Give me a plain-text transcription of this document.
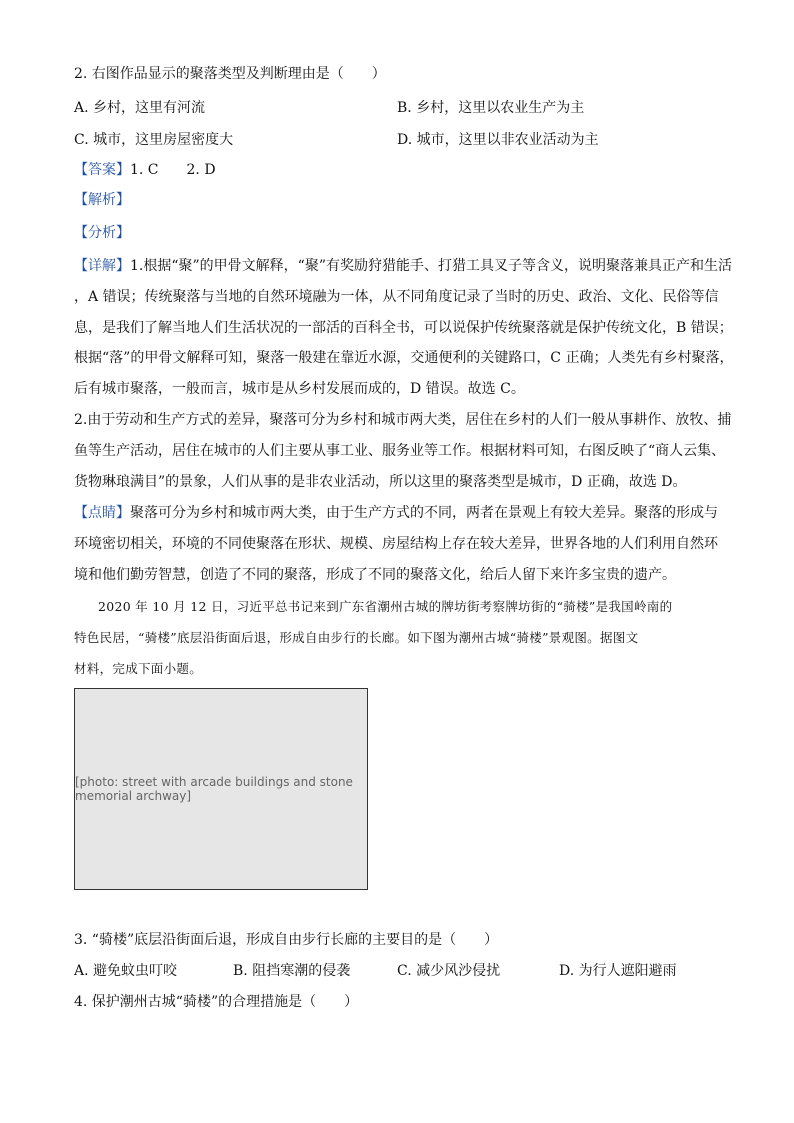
2. 右图作品显示的聚落类型及判断理由是（　　）
A. 乡村，这里有河流	B. 乡村，这里以农业生产为主
C. 城市，这里房屋密度大	D. 城市，这里以非农业活动为主
【答案】1. C　　2. D
【解析】
【分析】
【详解】1.根据“聚”的甲骨文解释，“聚”有奖励狩猎能手、打猎工具叉子等含义，说明聚落兼具正产和生活
，A 错误；传统聚落与当地的自然环境融为一体，从不同角度记录了当时的历史、政治、文化、民俗等信
息，是我们了解当地人们生活状况的一部活的百科全书，可以说保护传统聚落就是保护传统文化，B 错误；
根据“落”的甲骨文解释可知，聚落一般建在靠近水源，交通便利的关键路口，C 正确；人类先有乡村聚落，
后有城市聚落，一般而言，城市是从乡村发展而成的，D 错误。故选 C。
2.由于劳动和生产方式的差异，聚落可分为乡村和城市两大类，居住在乡村的人们一般从事耕作、放牧、捕
鱼等生产活动，居住在城市的人们主要从事工业、服务业等工作。根据材料可知，右图反映了“商人云集、
货物琳琅满目”的景象，人们从事的是非农业活动，所以这里的聚落类型是城市，D 正确，故选 D。
【点睛】聚落可分为乡村和城市两大类，由于生产方式的不同，两者在景观上有较大差异。聚落的形成与
环境密切相关，环境的不同使聚落在形状、规模、房屋结构上存在较大差异，世界各地的人们利用自然环
境和他们勤劳智慧，创造了不同的聚落，形成了不同的聚落文化，给后人留下来许多宝贵的遗产。
2020 年 10 月 12 日，习近平总书记来到广东省潮州古城的牌坊街考察牌坊街的“骑楼”是我国岭南的
特色民居，“骑楼”底层沿街面后退，形成自由步行的长廊。如下图为潮州古城“骑楼”景观图。据图文
材料，完成下面小题。
[photo: street with arcade buildings and stone memorial archway]
3. “骑楼”底层沿街面后退，形成自由步行长廊的主要目的是（　　）
A. 避免蚊虫叮咬	B. 阻挡寒潮的侵袭	C. 减少风沙侵扰	D. 为行人遮阳避雨
4. 保护潮州古城“骑楼”的合理措施是（　　）
